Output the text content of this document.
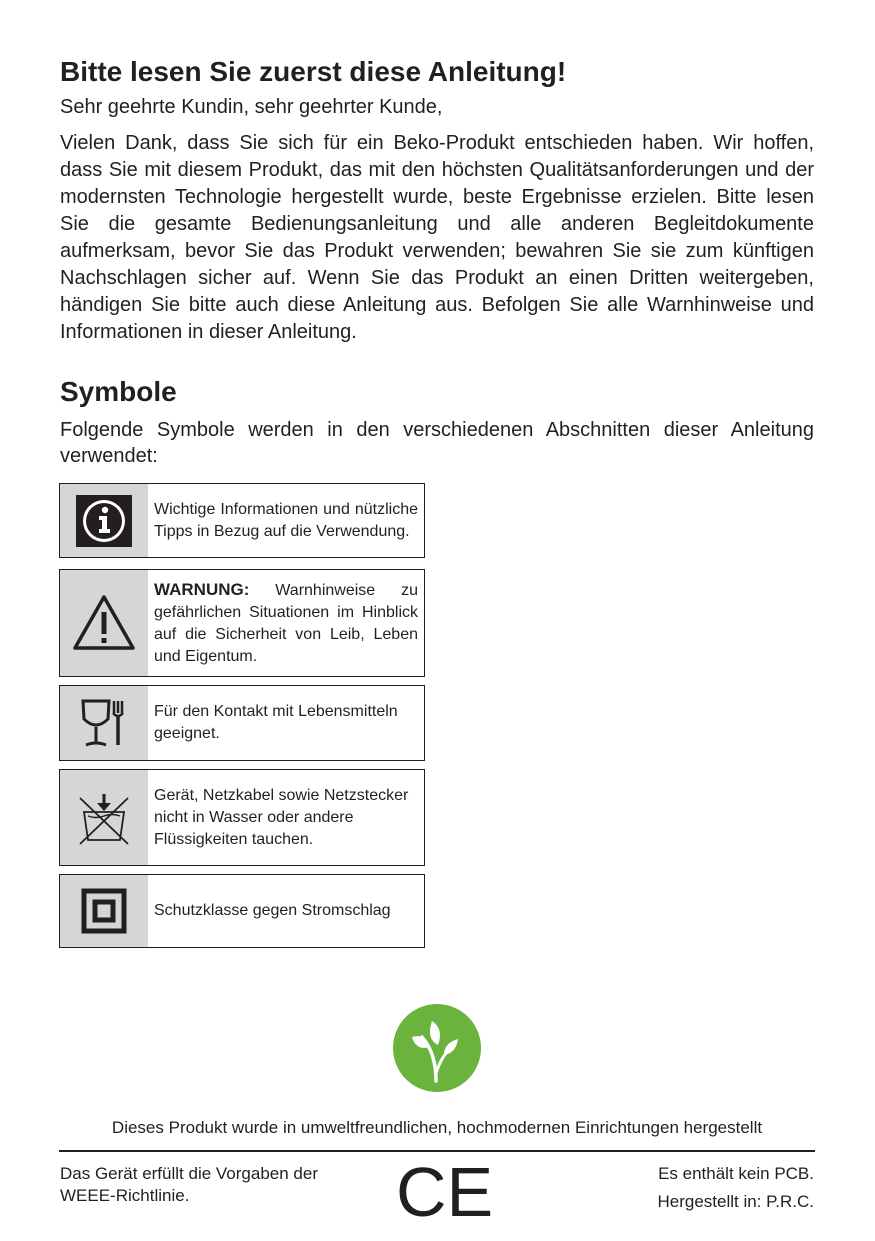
Bitte lesen Sie zuerst diese Anleitung!

Sehr geehrte Kundin, sehr geehrter Kunde,

Vielen Dank, dass Sie sich für ein Beko-Produkt entschieden haben. Wir hoffen, dass Sie mit diesem Produkt, das mit den höchsten Qualitätsanforderungen und der modernsten Technologie hergestellt wurde, beste Ergebnisse erzielen. Bitte lesen Sie die gesamte Bedienungsanleitung und alle anderen Begleitdokumente aufmerksam, bevor Sie das Produkt verwenden; bewahren Sie sie zum künftigen Nachschlagen sicher auf. Wenn Sie das Produkt an einen Dritten weitergeben, händigen Sie bitte auch diese Anleitung aus. Befolgen Sie alle Warnhinweise und Informationen in dieser Anleitung.

Symbole

Folgende Symbole werden in den verschiedenen Abschnitten dieser Anleitung verwendet:

Wichtige Informationen und nützliche Tipps in Bezug auf die Verwendung.
WARNUNG: Warnhinweise zu gefährlichen Situationen im Hinblick auf die Sicherheit von Leib, Leben und Eigentum.
Für den Kontakt mit Lebensmitteln geeignet.
Gerät, Netzkabel sowie Netzstecker nicht in Wasser oder andere Flüssigkeiten tauchen.
Schutzklasse gegen Stromschlag
Dieses Produkt wurde in umweltfreundlichen, hochmodernen Einrichtungen hergestellt
Das Gerät erfüllt die Vorgaben der WEEE-Richtlinie.	CE	Es enthält kein PCB.
Hergestellt in: P.R.C.
